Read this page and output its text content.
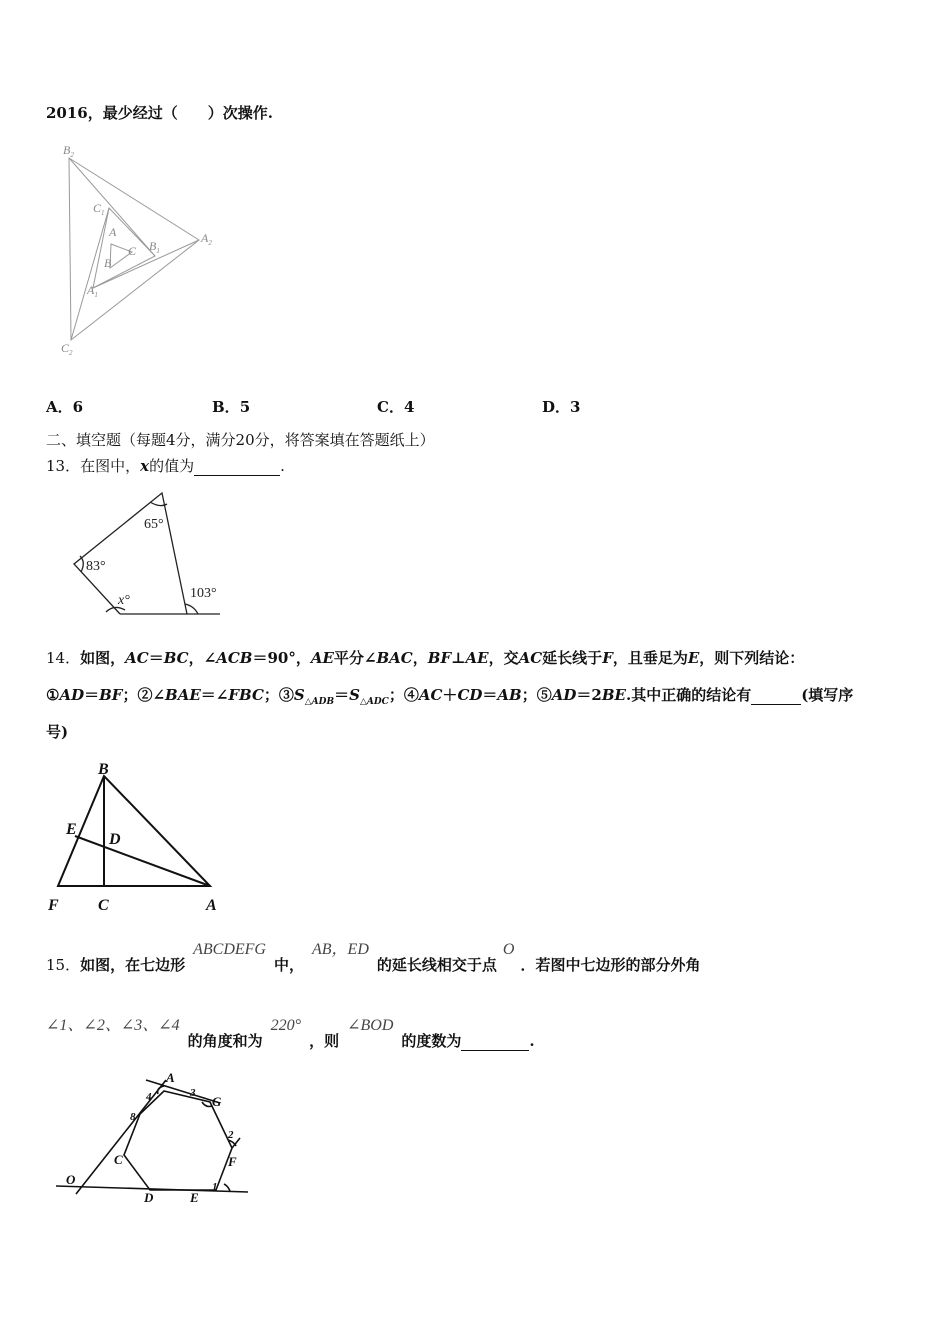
2016，最少经过（　　）次操作.
$B_2$
$C_1$
A
C $B_1$
$A_2$
B
$A_1$
$C_2$
A．6	B．5	C．4	D．3
二、填空题（每题4分，满分20分，将答案填在答题纸上）
13．在图中，x的值为	.
65°
83°
103°
x°
14．如图，AC＝BC，∠ACB＝90°，AE平分∠BAC，BF⊥AE，交AC延长线于F，且垂足为E，则下列结论：
①AD＝BF；②∠BAE＝∠FBC；$③S_{\triangle ADB}=S_{\triangle ADC}$；④AC＋CD＝AB；⑤AD＝2BE.其中正确的结论有	(填写序
号)
B
E
D
F C	A
15．如图，在七边形ABCDEFG中，AB，ED的延长线相交于点O．若图中七边形的部分外角
∠1、∠2、∠3、∠4的角度和为220°，则∠BOD的度数为	.
A
G
C	F
O
D	E
1
2
3
4
8
